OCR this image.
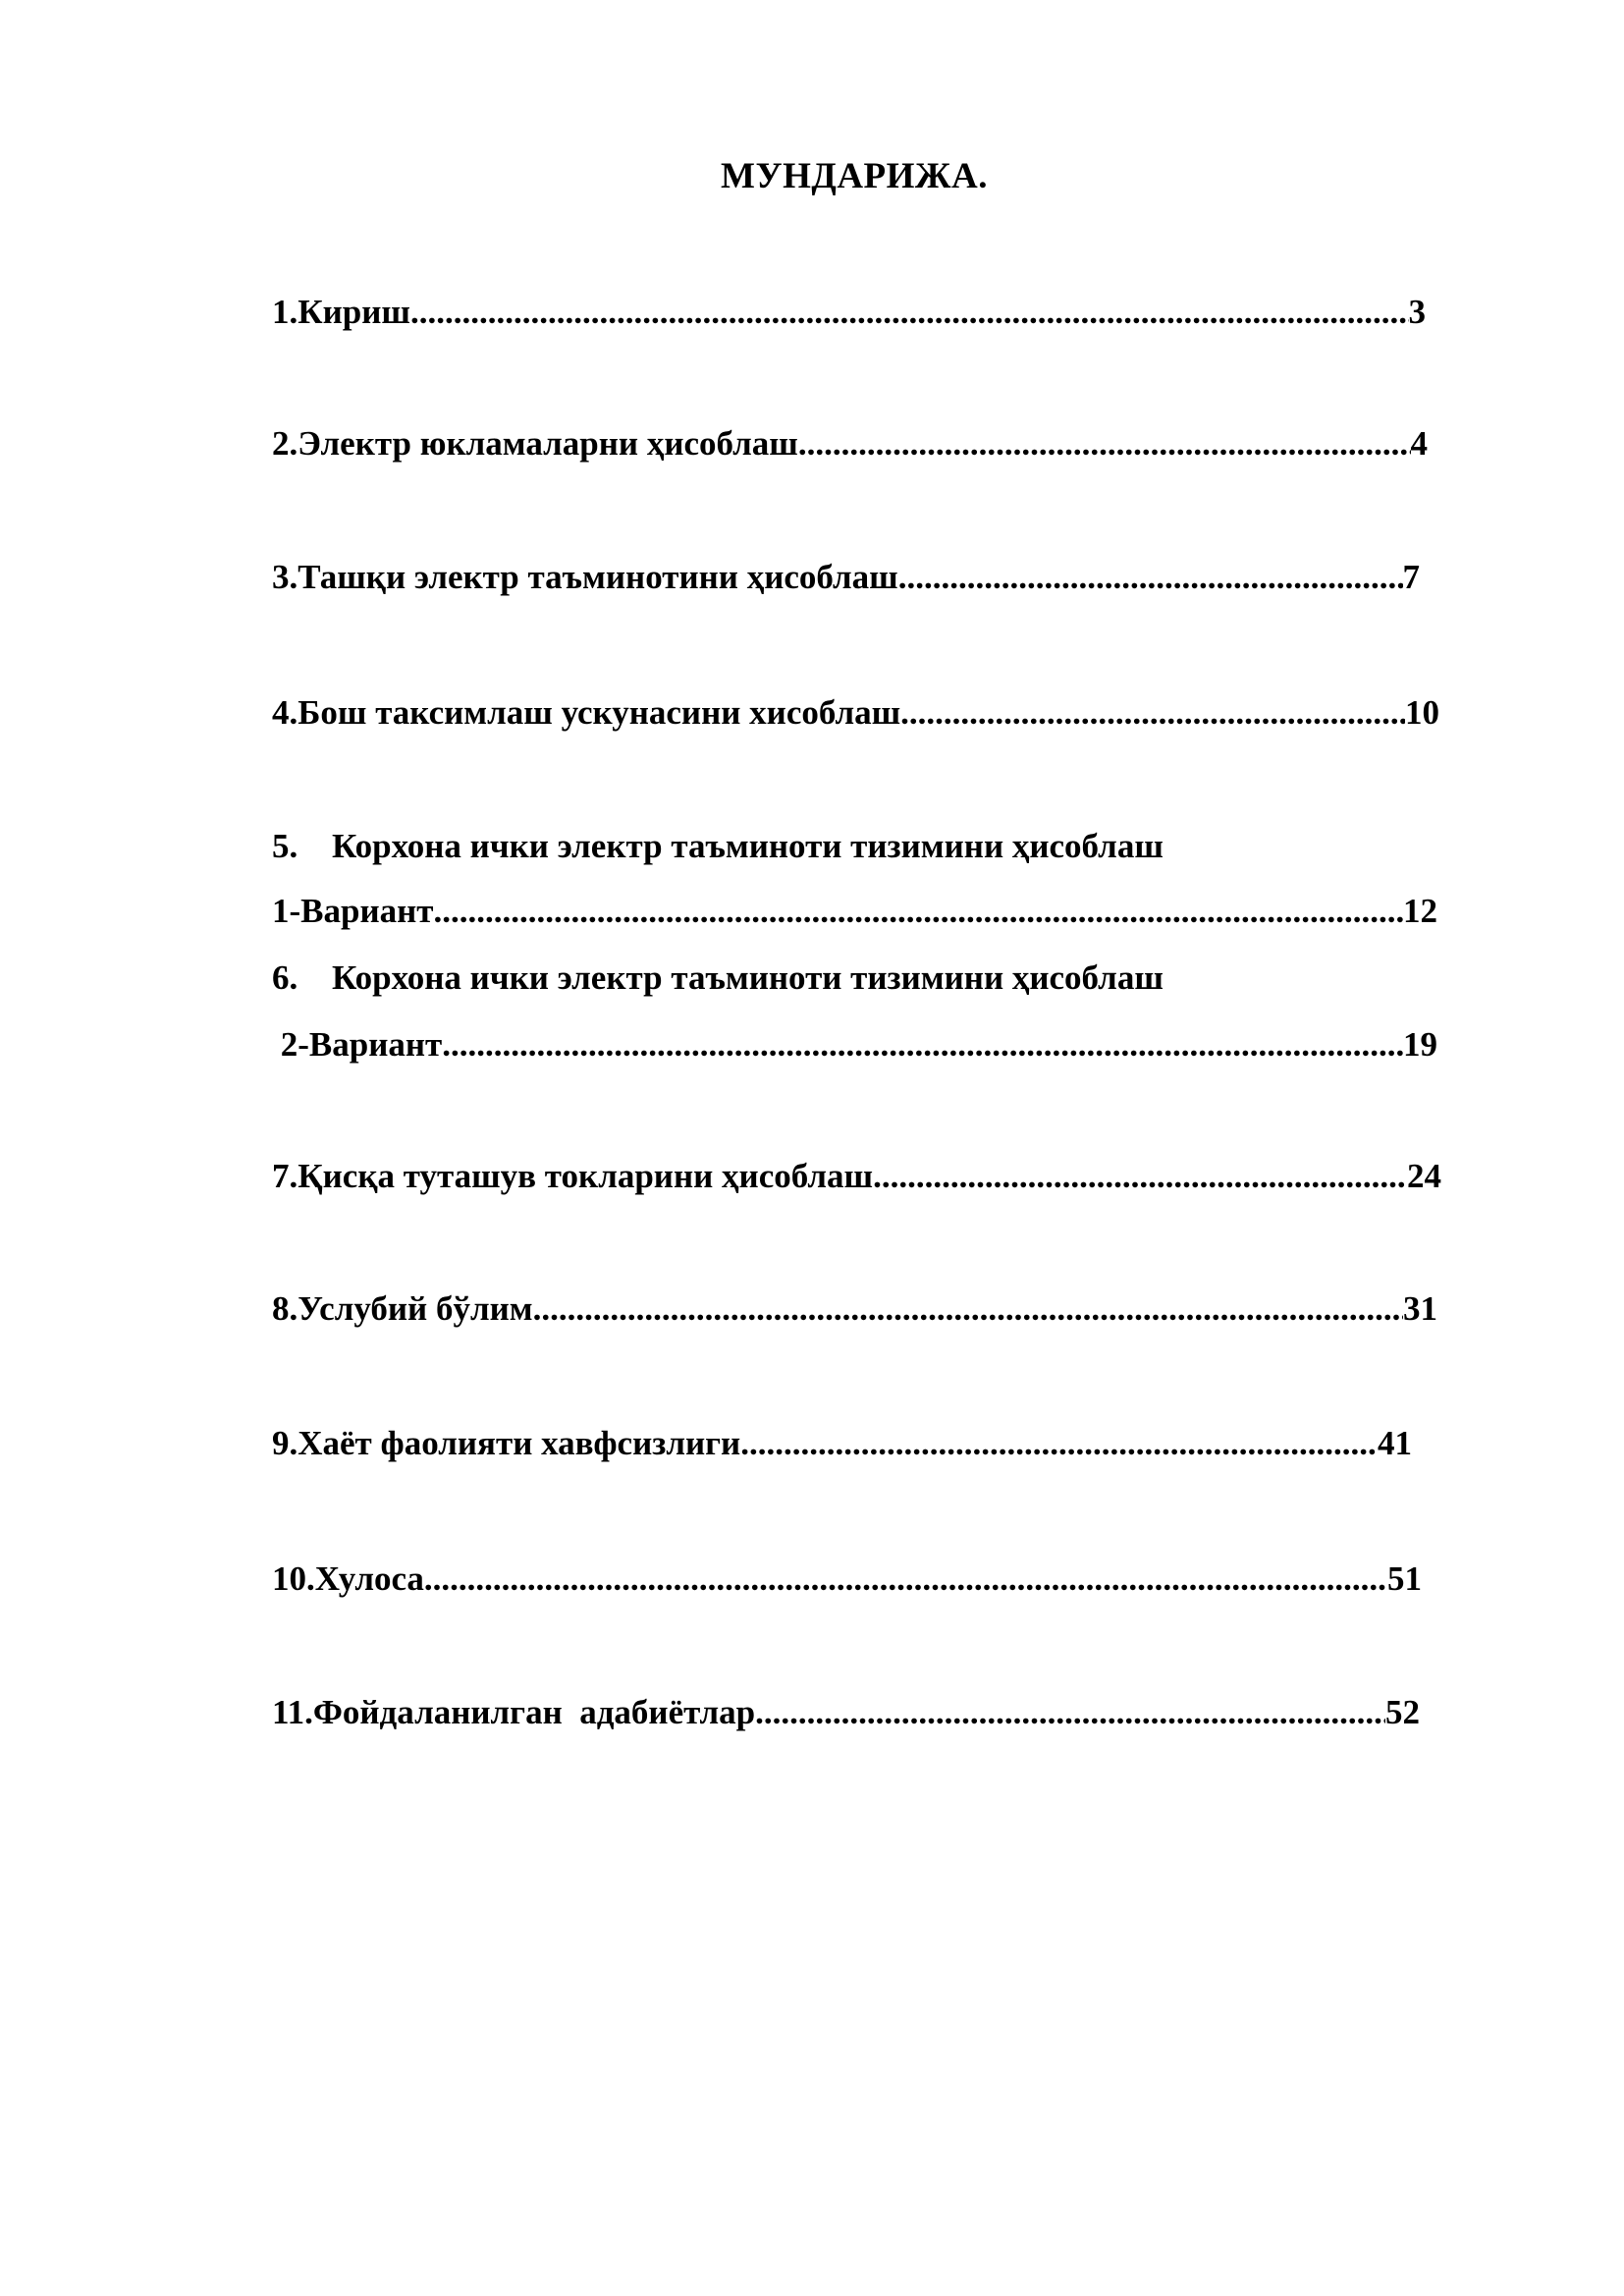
МУНДАРИЖА.
1. Кириш .....	3
2. Электр юкламаларни ҳисоблаш .....	4
3. Ташқи электр таъминотини ҳисоблаш .....	7
4. Бош таксимлаш ускунасини хисоблаш .....	10
5. Корхона ички электр таъминоти тизимини ҳисоблаш
1-Вариант .....	12
6. Корхона ички электр таъминоти тизимини ҳисоблаш
2-Вариант .....	19
7. Қисқа туташув токларини ҳисоблаш .....	24
8. Услубий бўлим .....	31
9. Хаёт фаолияти хавфсизлиги .....	41
10. Хулоса .....	51
11. Фойдаланилган  адабиётлар .....	52
